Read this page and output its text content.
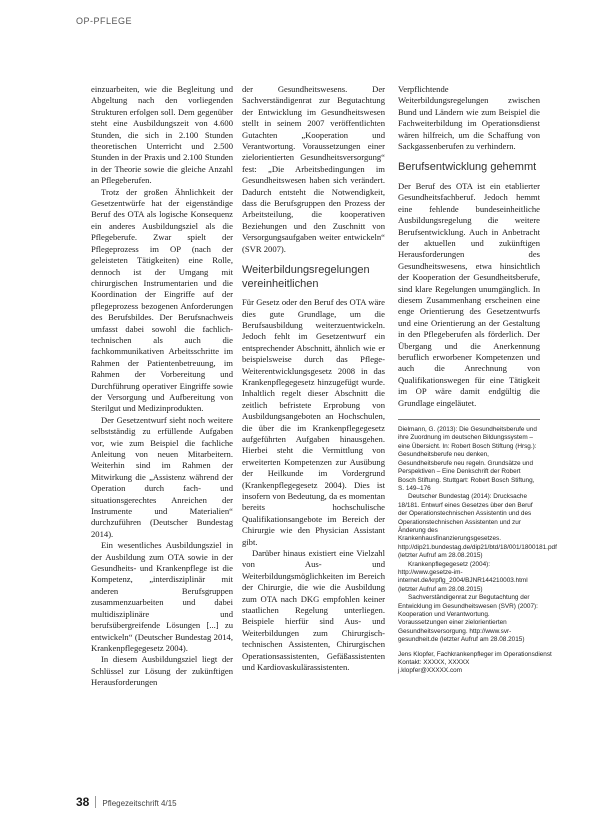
OP-PFLEGE

einzuarbeiten, wie die Begleitung und Abgeltung nach den vorliegenden Strukturen erfolgen soll. Dem gegenüber steht eine Ausbildungszeit von 4.600 Stunden, die sich in 2.100 Stunden theoretischen Unterricht und 2.500 Stunden in der Praxis und 2.100 Stunden in der Theorie sowie die gleiche Anzahl an Pflegeberufen.

Trotz der großen Ähnlichkeit der Gesetzentwürfe hat der eigenständige Beruf des OTA als logische Konsequenz ein anderes Ausbildungsziel als die Pflegeberufe. Zwar spielt der Pflegeprozess im OP (nach der geleisteten Tätigkeiten) eine Rolle, dennoch ist der Umgang mit chirurgischen Instrumentarien und die Koordination der Eingriffe auf der pflegeprozess bezogenen Anforderungen des Berufsbildes. Der Berufsnachweis umfasst dabei sowohl die fachlich-technischen als auch die fachkommunikativen Arbeitsschritte im Rahmen der Patientenbetreuung, im Rahmen der Vorbereitung und Durchführung operativer Eingriffe sowie der Versorgung und Aufbereitung von Sterilgut und Medizinprodukten.

Der Gesetzentwurf sieht noch weitere selbstständig zu erfüllende Aufgaben vor, wie zum Beispiel die fachliche Anleitung von neuen Mitarbeitern. Weiterhin sind im Rahmen der Mitwirkung die „Assistenz während der Operation durch fach- und situationsgerechtes Anreichen der Instrumente und Materialien“ durchzuführen (Deutscher Bundestag 2014).

Ein wesentliches Ausbildungsziel in der Ausbildung zum OTA sowie in der Gesundheits- und Krankenpflege ist die Kompetenz, „interdisziplinär mit anderen Berufsgruppen zusammenzuarbeiten und dabei multidisziplinäre und berufsübergreifende Lösungen [...] zu entwickeln“ (Deutscher Bundestag 2014, Krankenpflegegesetz 2004).

In diesem Ausbildungsziel liegt der Schlüssel zur Lösung der zukünftigen Herausforderungen

der Gesundheitswesens. Der Sachverständigenrat zur Begutachtung der Entwicklung im Gesundheitswesen stellt in seinem 2007 veröffentlichten Gutachten „Kooperation und Verantwortung. Voraussetzungen einer zielorientierten Gesundheitsversorgung“ fest: „Die Arbeitsbedingungen im Gesundheitswesen haben sich verändert. Dadurch entsteht die Notwendigkeit, dass die Berufsgruppen den Prozess der Arbeitsteilung, die kooperativen Beziehungen und den Zuschnitt von Versorgungsaufgaben weiter entwickeln“ (SVR 2007).

Weiterbildungsregelungen vereinheitlichen

Für Gesetz oder den Beruf des OTA wäre dies gute Grundlage, um die Berufsausbildung weiterzuentwickeln. Jedoch fehlt im Gesetzentwurf ein entsprechender Abschnitt, ähnlich wie er beispielsweise durch das Pflege-Weiterentwicklungsgesetz 2008 in das Krankenpflegegesetz hinzugefügt wurde. Inhaltlich regelt dieser Abschnitt die zeitlich befristete Erprobung von Ausbildungsangeboten an Hochschulen, die über die im Krankenpflegegesetz aufgeführten Aufgaben hinausgehen. Hierbei steht die Vermittlung von erweiterten Kompetenzen zur Ausübung der Heilkunde im Vordergrund (Krankenpflegegesetz 2004). Dies ist insofern von Bedeutung, da es momentan bereits hochschulische Qualifikationsangebote im Bereich der Chirurgie wie den Physician Assistant gibt.

Darüber hinaus existiert eine Vielzahl von Aus- und Weiterbildungsmöglichkeiten im Bereich der Chirurgie, die wie die Ausbildung zum OTA nach DKG empfohlen keiner staatlichen Regelung unterliegen. Beispiele hierfür sind Aus- und Weiterbildungen zum Chirurgisch-technischen Assistenten, Chirurgischen Operationsassistenten, Gefäßassistenten und Kardiovaskulärassistenten.

Verpflichtende Weiterbildungsregelungen zwischen Bund und Ländern wie zum Beispiel die Fachweiterbildung im Operationsdienst wären hilfreich, um die Schaffung von Sackgassenberufen zu verhindern.

Berufsentwicklung gehemmt

Der Beruf des OTA ist ein etablierter Gesundheitsfachberuf. Jedoch hemmt eine fehlende bundeseinheitliche Ausbildungsregelung die weitere Berufsentwicklung. Auch in Anbetracht der aktuellen und zukünftigen Herausforderungen des Gesundheitswesens, etwa hinsichtlich der Kooperation der Gesundheitsberufe, sind klare Regelungen unumgänglich. In diesem Zusammenhang erscheinen eine enge Orientierung des Gesetzentwurfs und eine Orientierung an der Gestaltung in den Pflegeberufen als förderlich. Der Übergang und die Anerkennung beruflich erworbener Kompetenzen und auch die Anrechnung von Qualifikationswegen für eine Tätigkeit im OP wäre damit endgültig die Grundlage eingeläutet.

Dielmann, G. (2013): Die Gesundheitsberufe und ihre Zuordnung im deutschen Bildungssystem – eine Übersicht. In: Robert Bosch Stiftung (Hrsg.): Gesundheitsberufe neu denken, Gesundheitsberufe neu regeln. Grundsätze und Perspektiven – Eine Denkschrift der Robert Bosch Stiftung. Stuttgart: Robert Bosch Stiftung, S. 149–176

Deutscher Bundestag (2014): Drucksache 18/181. Entwurf eines Gesetzes über den Beruf der Operationstechnischen Assistentin und des Operationstechnischen Assistenten und zur Änderung des Krankenhausfinanzierungsgesetzes. http://dip21.bundestag.de/dip21/btd/18/001/1800181.pdf (letzter Aufruf am 28.08.2015)

Krankenpflegegesetz (2004): http://www.gesetze-im-internet.de/krpflg_2004/BJNR144210003.html (letzter Aufruf am 28.08.2015)

Sachverständigenrat zur Begutachtung der Entwicklung im Gesundheitswesen (SVR) (2007): Kooperation und Verantwortung. Voraussetzungen einer zielorientierten Gesundheitsversorgung. http://www.svr-gesundheit.de (letzter Aufruf am 28.08.2015)

Jens Klopfer, Fachkrankenpfleger im Operationsdienst
Kontakt: XXXXX, XXXXX
j.klopfer@XXXXX.com
38 Pflegezeitschrift 4/15
